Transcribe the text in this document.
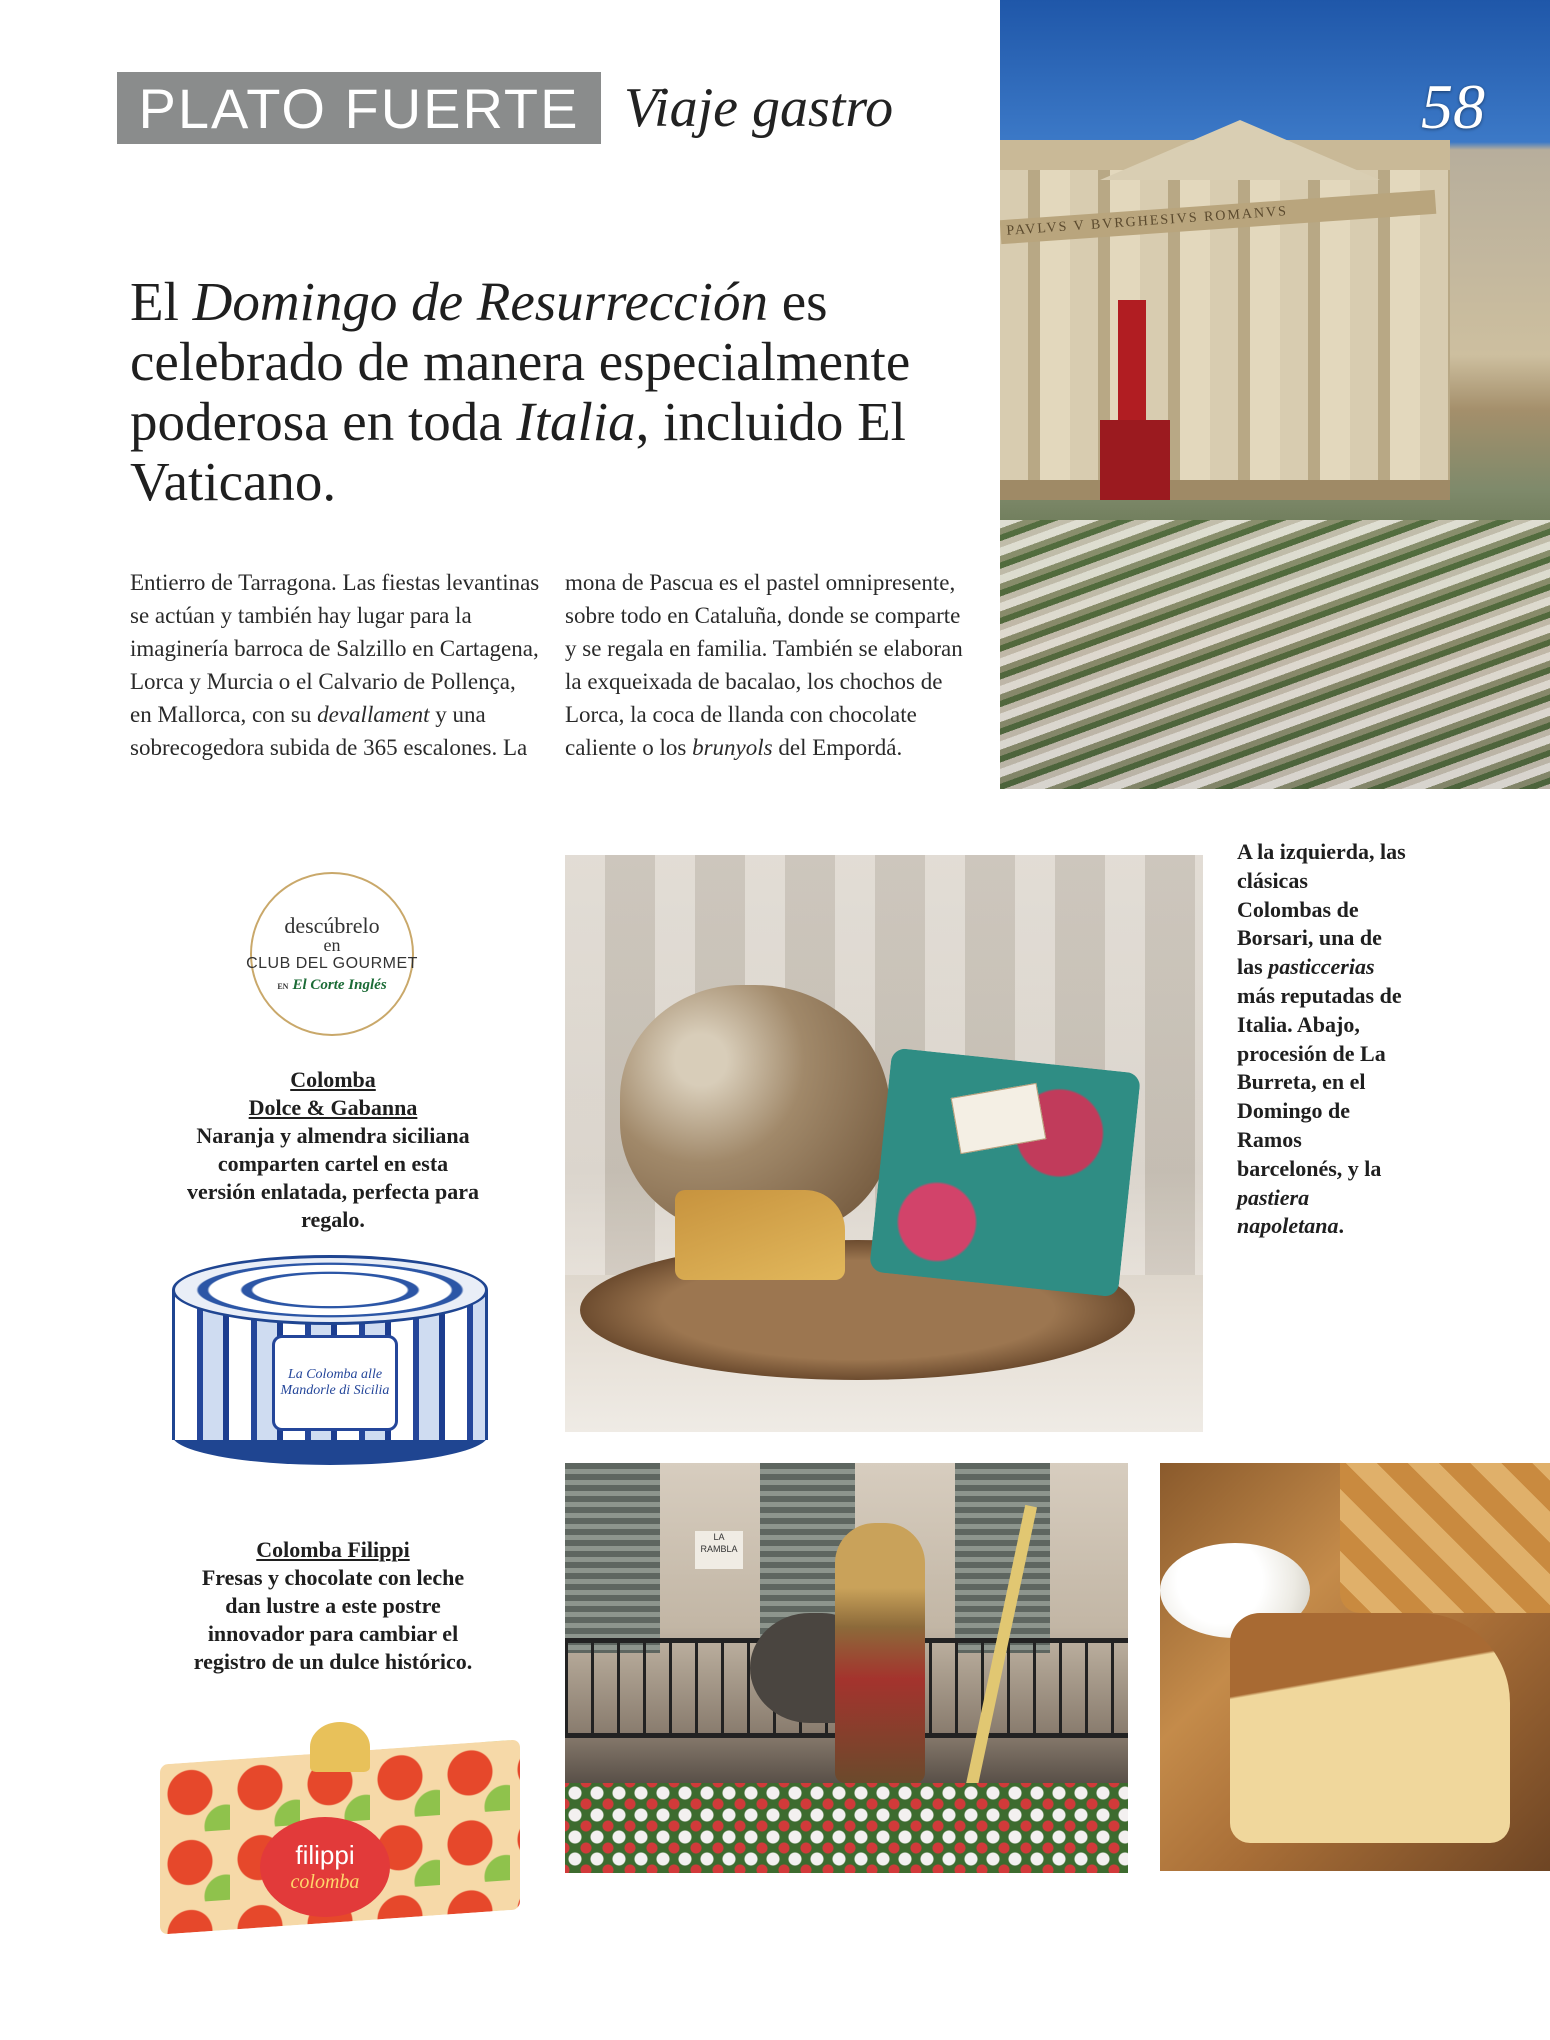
PLATO FUERTE Viaje gastro
PAVLVS V BVRGHESIVS ROMANVS
58
El Domingo de Resurrección es celebrado de manera especialmente poderosa en toda Italia, incluido El Vaticano.
Entierro de Tarragona. Las fiestas levantinas se actúan y también hay lugar para la imaginería barroca de Salzillo en Cartagena, Lorca y Murcia o el Calvario de Pollença, en Mallorca, con su devallament y una sobrecogedora subida de 365 escalones. La
mona de Pascua es el pastel omnipresente, sobre todo en Cataluña, donde se comparte y se regala en familia. También se elaboran la exqueixada de bacalao, los chochos de Lorca, la coca de llanda con chocolate caliente o los brunyols del Empordá.
descúbrelo
en
CLUB DEL GOURMET
EN El Corte Inglés
Colomba
Dolce & Gabanna
Naranja y almendra siciliana comparten cartel en esta versión enlatada, perfecta para regalo.
La Colomba alle Mandorle di Sicilia
Colomba Filippi
Fresas y chocolate con leche dan lustre a este postre innovador para cambiar el registro de un dulce histórico.
filippi
colomba
A la izquierda, las clásicas Colombas de Borsari, una de las pasticcerias más reputadas de Italia. Abajo, procesión de La Burreta, en el Domingo de Ramos barcelonés, y la pastiera napoletana.
LA RAMBLA
